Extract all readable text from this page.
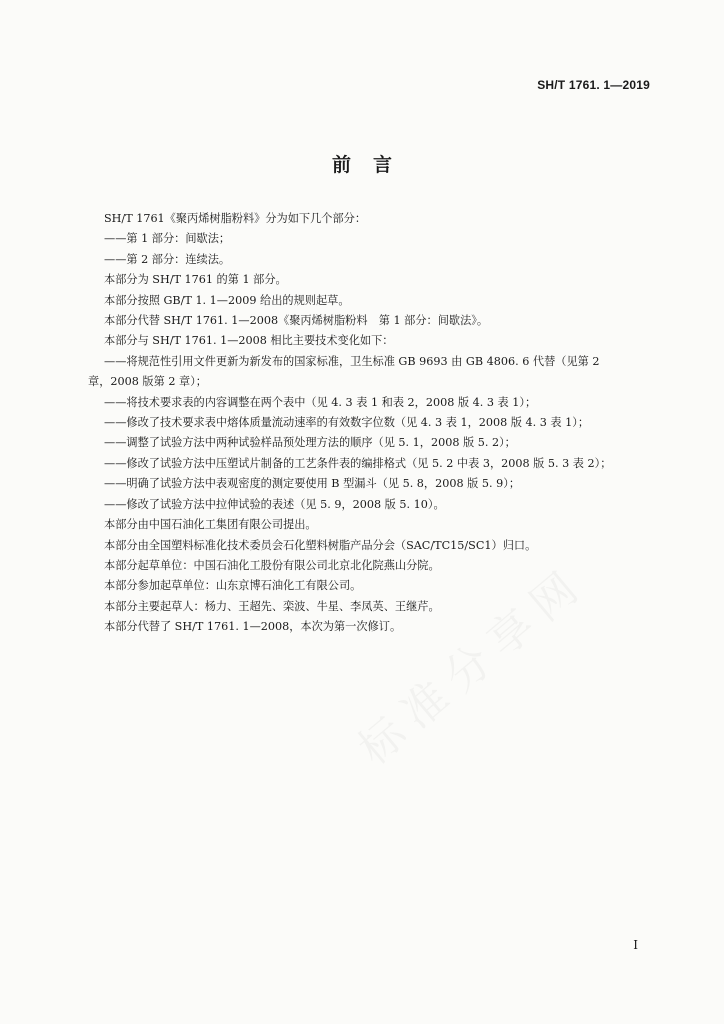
SH/T 1761. 1—2019
前言
SH/T 1761《聚丙烯树脂粉料》分为如下几个部分：
——第 1 部分：间歇法；
——第 2 部分：连续法。
本部分为 SH/T 1761 的第 1 部分。
本部分按照 GB/T 1. 1—2009 给出的规则起草。
本部分代替 SH/T 1761. 1—2008《聚丙烯树脂粉料　第 1 部分：间歇法》。
本部分与 SH/T 1761. 1—2008 相比主要技术变化如下：
——将规范性引用文件更新为新发布的国家标准，卫生标准 GB 9693 由 GB 4806. 6 代替（见第 2
章，2008 版第 2 章）；
——将技术要求表的内容调整在两个表中（见 4. 3 表 1 和表 2，2008 版 4. 3 表 1）；
——修改了技术要求表中熔体质量流动速率的有效数字位数（见 4. 3 表 1，2008 版 4. 3 表 1）；
——调整了试验方法中两种试验样品预处理方法的顺序（见 5. 1，2008 版 5. 2）；
——修改了试验方法中压塑试片制备的工艺条件表的编排格式（见 5. 2 中表 3，2008 版 5. 3 表 2）；
——明确了试验方法中表观密度的测定要使用 B 型漏斗（见 5. 8，2008 版 5. 9）；
——修改了试验方法中拉伸试验的表述（见 5. 9，2008 版 5. 10）。
本部分由中国石油化工集团有限公司提出。
本部分由全国塑料标准化技术委员会石化塑料树脂产品分会（SAC/TC15/SC1）归口。
本部分起草单位：中国石油化工股份有限公司北京北化院燕山分院。
本部分参加起草单位：山东京博石油化工有限公司。
本部分主要起草人：杨力、王超先、栾波、牛星、李凤英、王继芹。
本部分代替了 SH/T 1761. 1—2008，本次为第一次修订。
标准分享网
I
